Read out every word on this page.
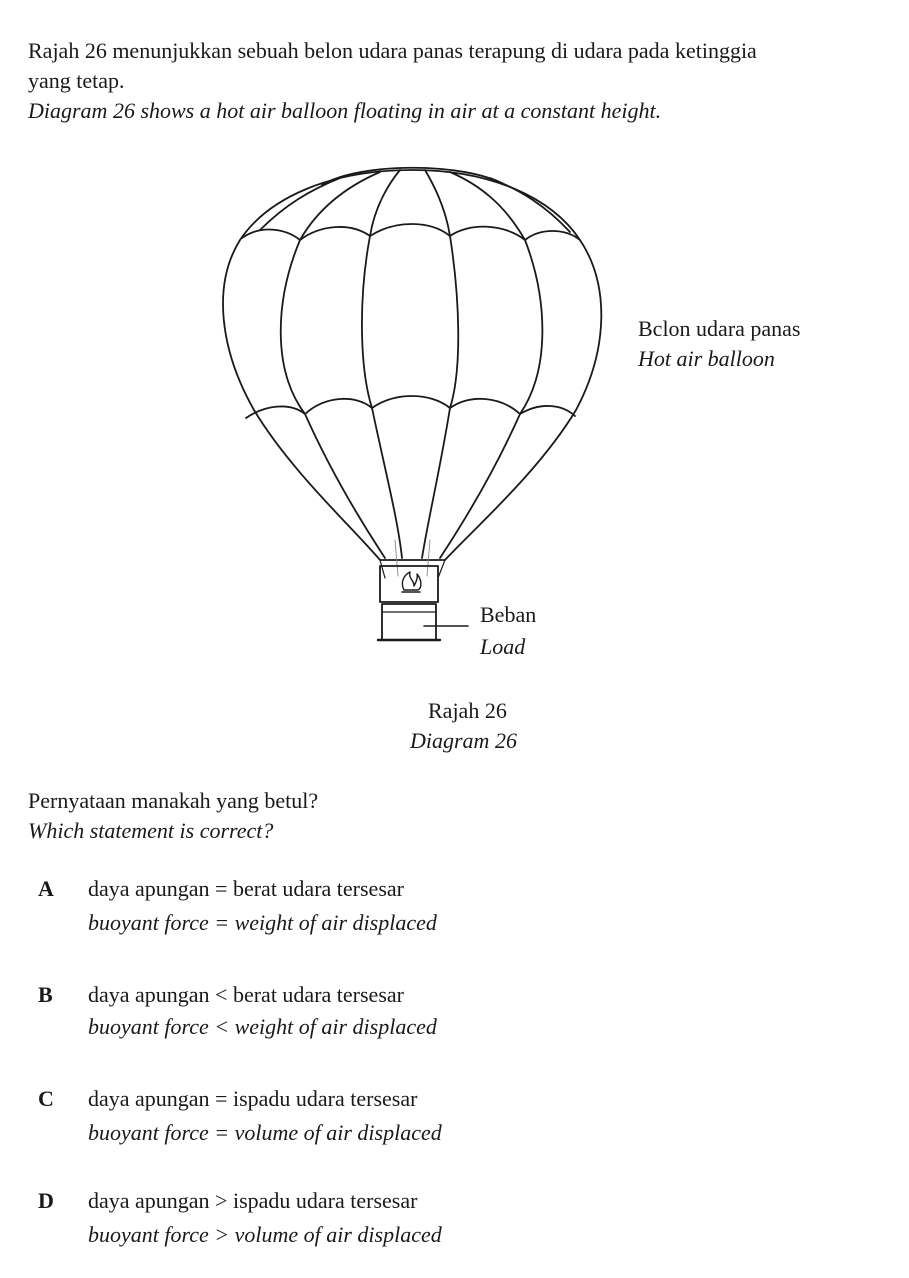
Rajah 26 menunjukkan sebuah belon udara panas terapung di udara pada ketinggia
yang tetap.
Diagram 26 shows a hot air balloon floating in air at a constant height.
Bclon udara panas
Hot air balloon
Beban
Load
Rajah 26
Diagram 26
Pernyataan manakah yang betul?
Which statement is correct?
A daya apungan = berat udara tersesar
buoyant force = weight of air displaced
B daya apungan < berat udara tersesar
buoyant force < weight of air displaced
C daya apungan = ispadu udara tersesar
buoyant force = volume of air displaced
D daya apungan > ispadu udara tersesar
buoyant force > volume of air displaced
